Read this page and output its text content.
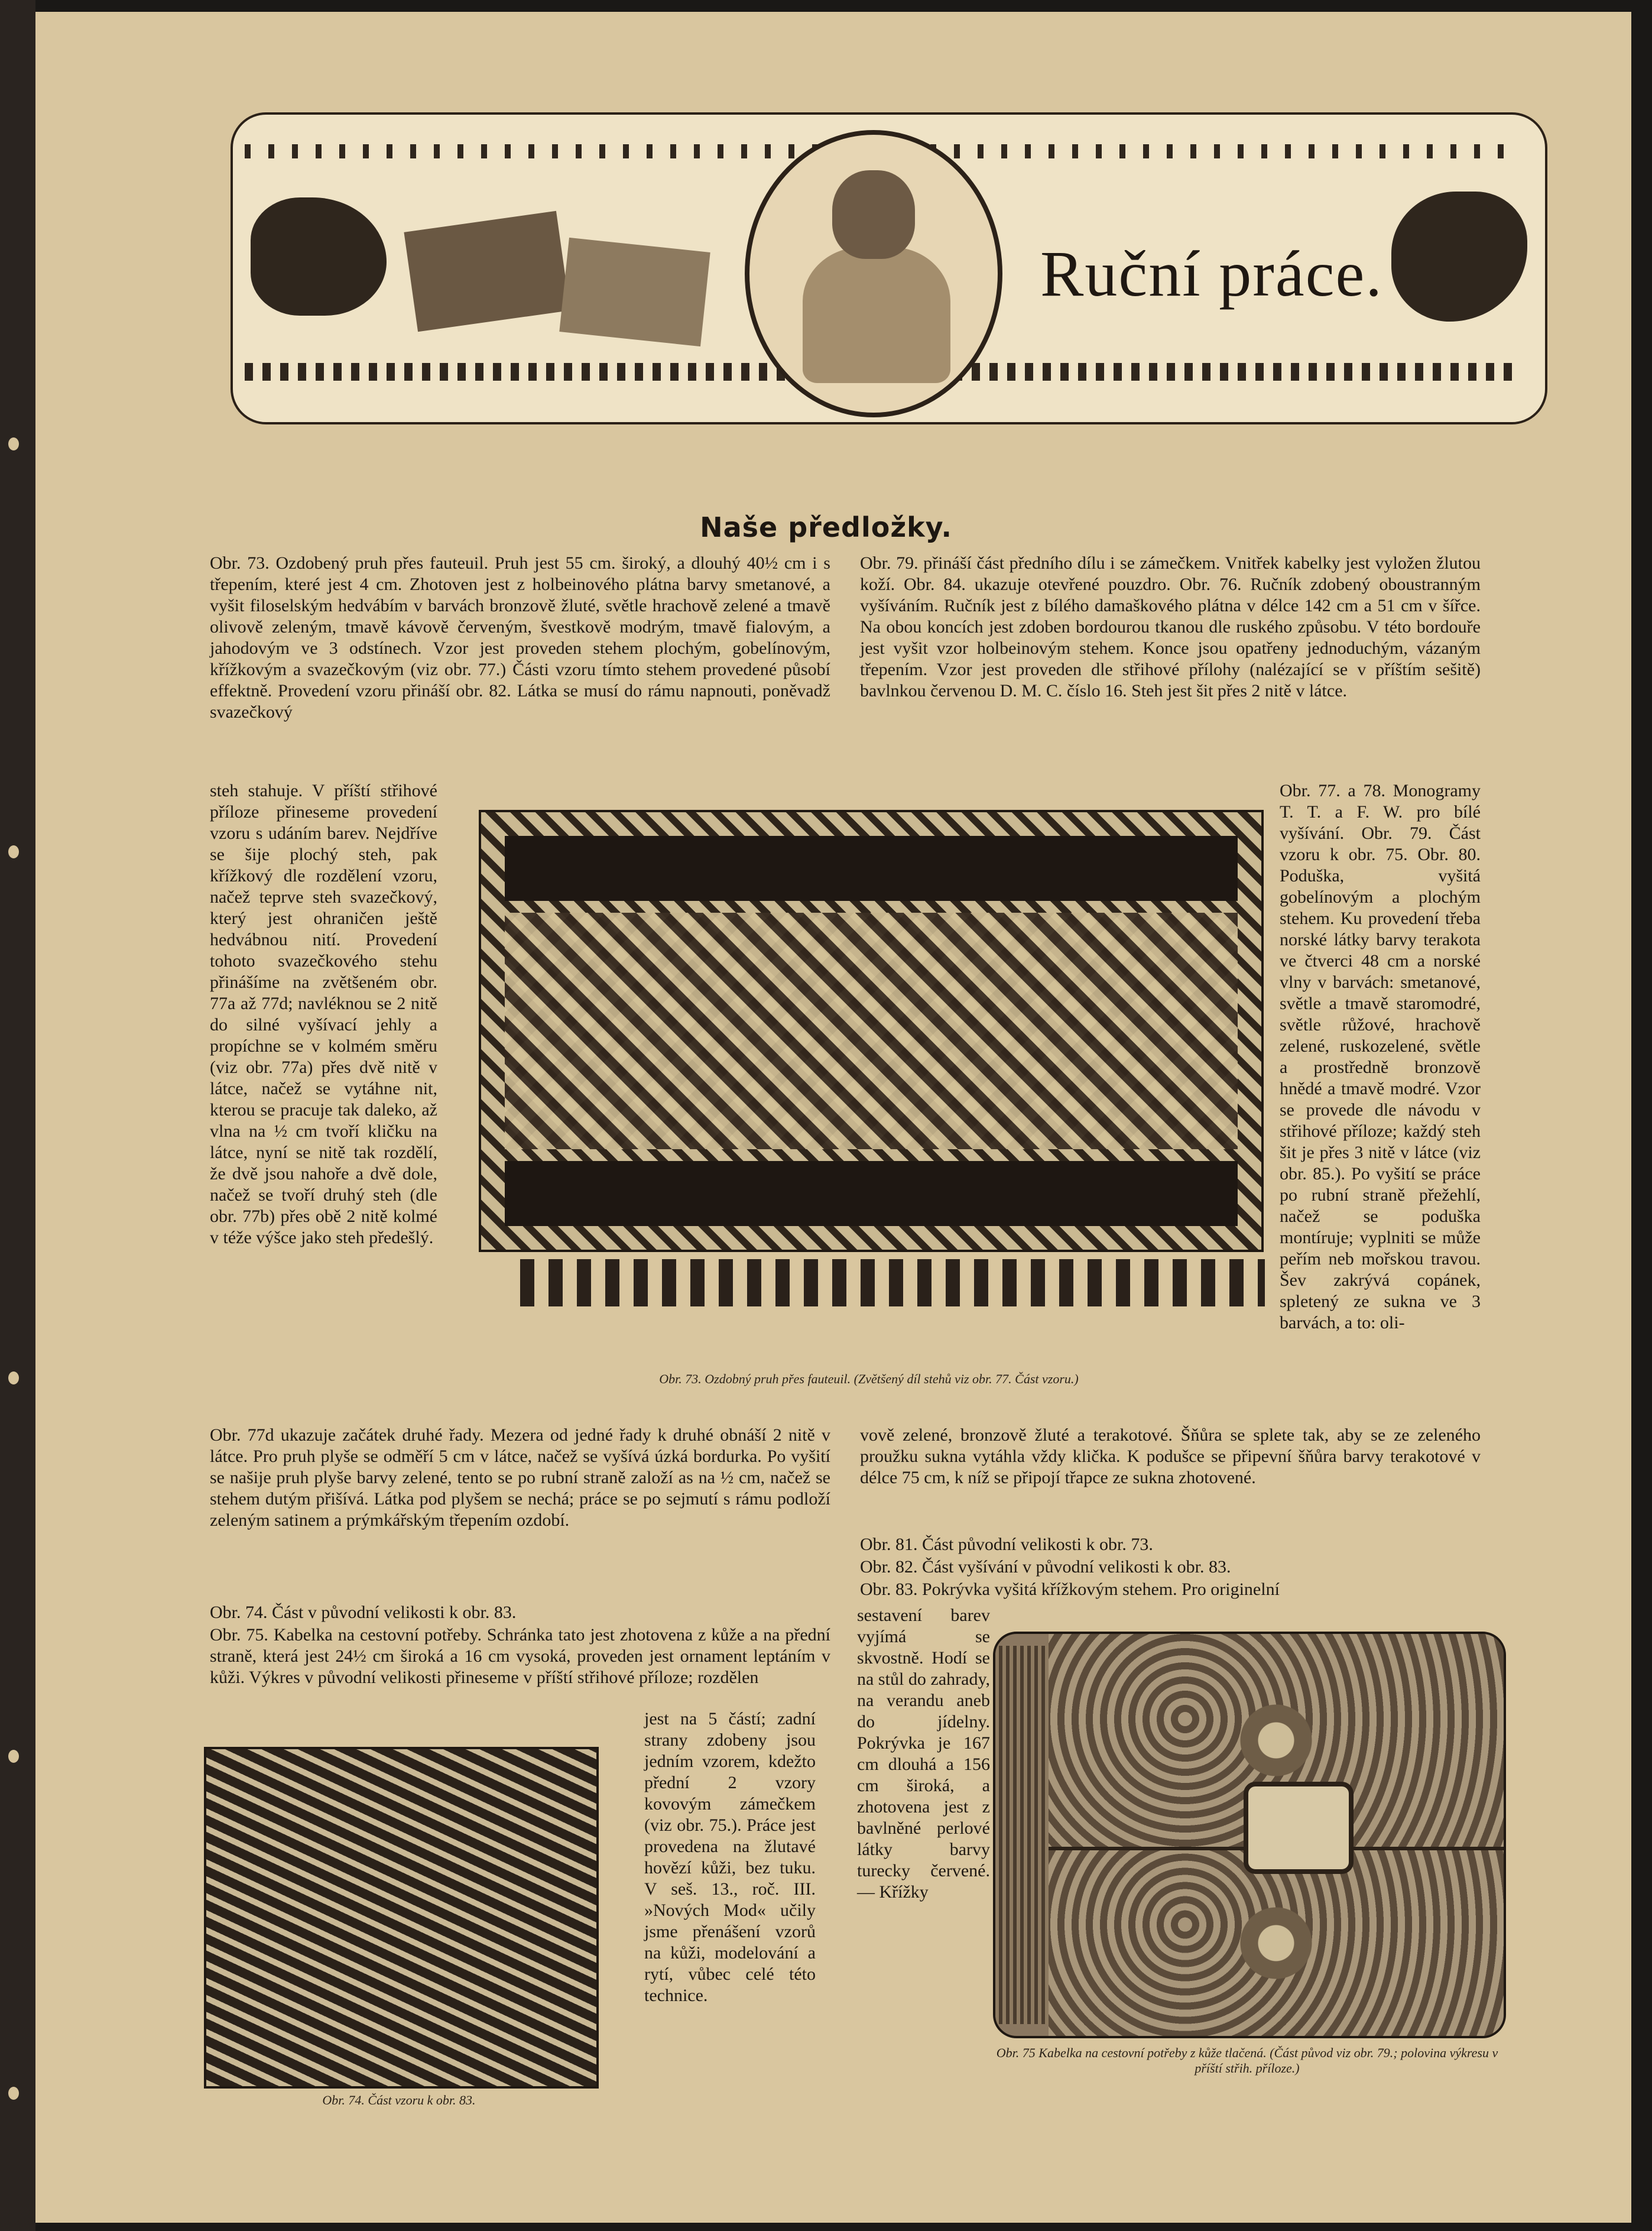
Ruční práce.
Naše předložky.
Obr. 73. Ozdobený pruh přes fauteuil. Pruh jest 55 cm. široký, a dlouhý 40½ cm i s třepením, které jest 4 cm. Zhotoven jest z holbeinového plátna barvy smetanové, a vyšit filoselským hedvábím v barvách bronzově žluté, světle hrachově zelené a tmavě olivově zeleným, tmavě kávově červeným, švestkově modrým, tmavě fialovým, a jahodovým ve 3 odstínech. Vzor jest proveden stehem plochým, gobelínovým, křížkovým a svazečkovým (viz obr. 77.) Části vzoru tímto stehem provedené působí effektně. Provedení vzoru přináší obr. 82. Látka se musí do rámu napnouti, poněvadž svazečkový
Obr. 79. přináší část předního dílu i se zámečkem. Vnitřek kabelky jest vyložen žlutou koží. Obr. 84. ukazuje otevřené pouzdro. Obr. 76. Ručník zdobený oboustranným vyšíváním. Ručník jest z bílého damaškového plátna v délce 142 cm a 51 cm v šířce. Na obou koncích jest zdoben bordourou tkanou dle ruského způsobu. V této bordouře jest vyšit vzor holbeinovým stehem. Konce jsou opatřeny jednoduchým, vázaným třepením. Vzor jest proveden dle střihové přílohy (nalézající se v příštím sešitě) bavlnkou červenou D. M. C. číslo 16. Steh jest šit přes 2 nitě v látce.
steh stahuje. V příští střihové příloze přineseme provedení vzoru s udáním barev. Nejdříve se šije plochý steh, pak křížkový dle rozdělení vzoru, načež teprve steh svazečkový, který jest ohraničen ještě hedvábnou nití. Provedení tohoto svazečkového stehu přinášíme na zvětšeném obr. 77a až 77d; navléknou se 2 nitě do silné vyšívací jehly a propíchne se v kolmém směru (viz obr. 77a) přes dvě nitě v látce, načež se vytáhne nit, kterou se pracuje tak daleko, až vlna na ½ cm tvoří kličku na látce, nyní se nitě tak rozdělí, že dvě jsou nahoře a dvě dole, načež se tvoří druhý steh (dle obr. 77b) přes obě 2 nitě kolmé v téže výšce jako steh předešlý.
Obr. 73. Ozdobný pruh přes fauteuil. (Zvětšený díl stehů viz obr. 77. Část vzoru.)
Obr. 77. a 78. Monogramy T. T. a F. W. pro bílé vyšívání. Obr. 79. Část vzoru k obr. 75. Obr. 80. Poduška, vyšitá gobelínovým a plochým stehem. Ku provedení třeba norské látky barvy terakota ve čtverci 48 cm a norské vlny v barvách: smetanové, světle a tmavě staromodré, světle růžové, hrachově zelené, ruskozelené, světle a prostředně bronzově hnědé a tmavě modré. Vzor se provede dle návodu v střihové příloze; každý steh šit je přes 3 nitě v látce (viz obr. 85.). Po vyšití se práce po rubní straně přežehlí, načež se poduška montíruje; vyplniti se může peřím neb mořskou travou. Šev zakrývá copánek, spletený ze sukna ve 3 barvách, a to: oli-
Obr. 77d ukazuje začátek druhé řady. Mezera od jedné řady k druhé obnáší 2 nitě v látce. Pro pruh plyše se odměří 5 cm v látce, načež se vyšívá úzká bordurka. Po vyšití se našije pruh plyše barvy zelené, tento se po rubní straně založí as na ½ cm, načež se stehem dutým přišívá. Látka pod plyšem se nechá; práce se po sejmutí s rámu podloží zeleným satinem a prýmkářským třepením ozdobí.
vově zelené, bronzově žluté a terakotové. Šňůra se splete tak, aby se ze zeleného proužku sukna vytáhla vždy klička. K podušce se připevní šňůra barvy terakotové v délce 75 cm, k níž se připojí třapce ze sukna zhotovené.
Obr. 74. Část v původní velikosti k obr. 83.
Obr. 75. Kabelka na cestovní potřeby. Schránka tato jest zhotovena z kůže a na přední straně, která jest 24½ cm široká a 16 cm vysoká, proveden jest ornament leptáním v kůži. Výkres v původní velikosti přineseme v příští střihové příloze; rozdělen
Obr. 81. Část původní velikosti k obr. 73.
Obr. 82. Část vyšívání v původní velikosti k obr. 83.
Obr. 83. Pokrývka vyšitá křížkovým stehem. Pro originelní
jest na 5 částí; zadní strany zdobeny jsou jedním vzorem, kdežto přední 2 vzory kovovým zámečkem (viz obr. 75.). Práce jest provedena na žlutavé hovězí kůži, bez tuku. V seš. 13., roč. III. »Nových Mod« učily jsme přenášení vzorů na kůži, modelování a rytí, vůbec celé této technice.
sestavení barev vyjímá se skvostně. Hodí se na stůl do zahrady, na verandu aneb do jídelny. Pokrývka je 167 cm dlouhá a 156 cm široká, a zhotovena jest z bavlněné perlové látky barvy turecky červené. — Křížky
Obr. 74. Část vzoru k obr. 83.
Obr. 75 Kabelka na cestovní potřeby z kůže tlačená. (Část původ viz obr. 79.; polovina výkresu v příští střih. příloze.)
